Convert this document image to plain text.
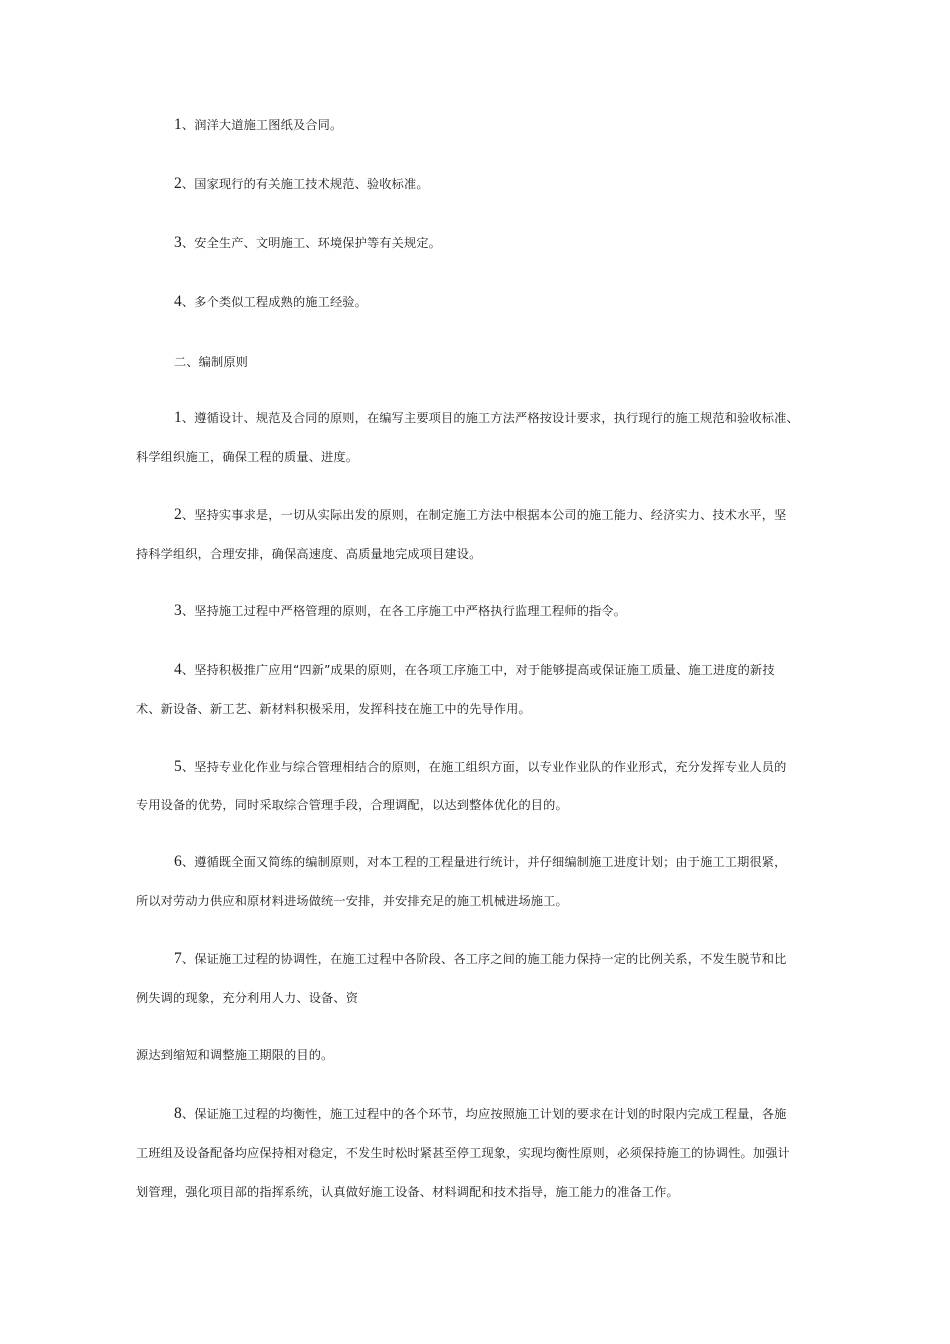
1、润洋大道施工图纸及合同。
2、国家现行的有关施工技术规范、验收标准。
3、安全生产、文明施工、环境保护等有关规定。
4、多个类似工程成熟的施工经验。
二、编制原则
1、遵循设计、规范及合同的原则，在编写主要项目的施工方法严格按设计要求，执行现行的施工规范和验收标准、
科学组织施工，确保工程的质量、进度。
2、坚持实事求是，一切从实际出发的原则，在制定施工方法中根据本公司的施工能力、经济实力、技术水平，坚
持科学组织，合理安排，确保高速度、高质量地完成项目建设。
3、坚持施工过程中严格管理的原则，在各工序施工中严格执行监理工程师的指令。
4、坚持积极推广应用“四新”成果的原则，在各项工序施工中，对于能够提高或保证施工质量、施工进度的新技
术、新设备、新工艺、新材料积极采用，发挥科技在施工中的先导作用。
5、坚持专业化作业与综合管理相结合的原则，在施工组织方面，以专业作业队的作业形式，充分发挥专业人员的
专用设备的优势，同时采取综合管理手段，合理调配，以达到整体优化的目的。
6、遵循既全面又简练的编制原则，对本工程的工程量进行统计，并仔细编制施工进度计划；由于施工工期很紧，
所以对劳动力供应和原材料进场做统一安排，并安排充足的施工机械进场施工。
7、保证施工过程的协调性，在施工过程中各阶段、各工序之间的施工能力保持一定的比例关系，不发生脱节和比
例失调的现象，充分利用人力、设备、资
源达到缩短和调整施工期限的目的。
8、保证施工过程的均衡性，施工过程中的各个环节，均应按照施工计划的要求在计划的时限内完成工程量，各施
工班组及设备配备均应保持相对稳定，不发生时松时紧甚至停工现象，实现均衡性原则，必须保持施工的协调性。加强计
划管理，强化项目部的指挥系统，认真做好施工设备、材料调配和技术指导，施工能力的准备工作。
